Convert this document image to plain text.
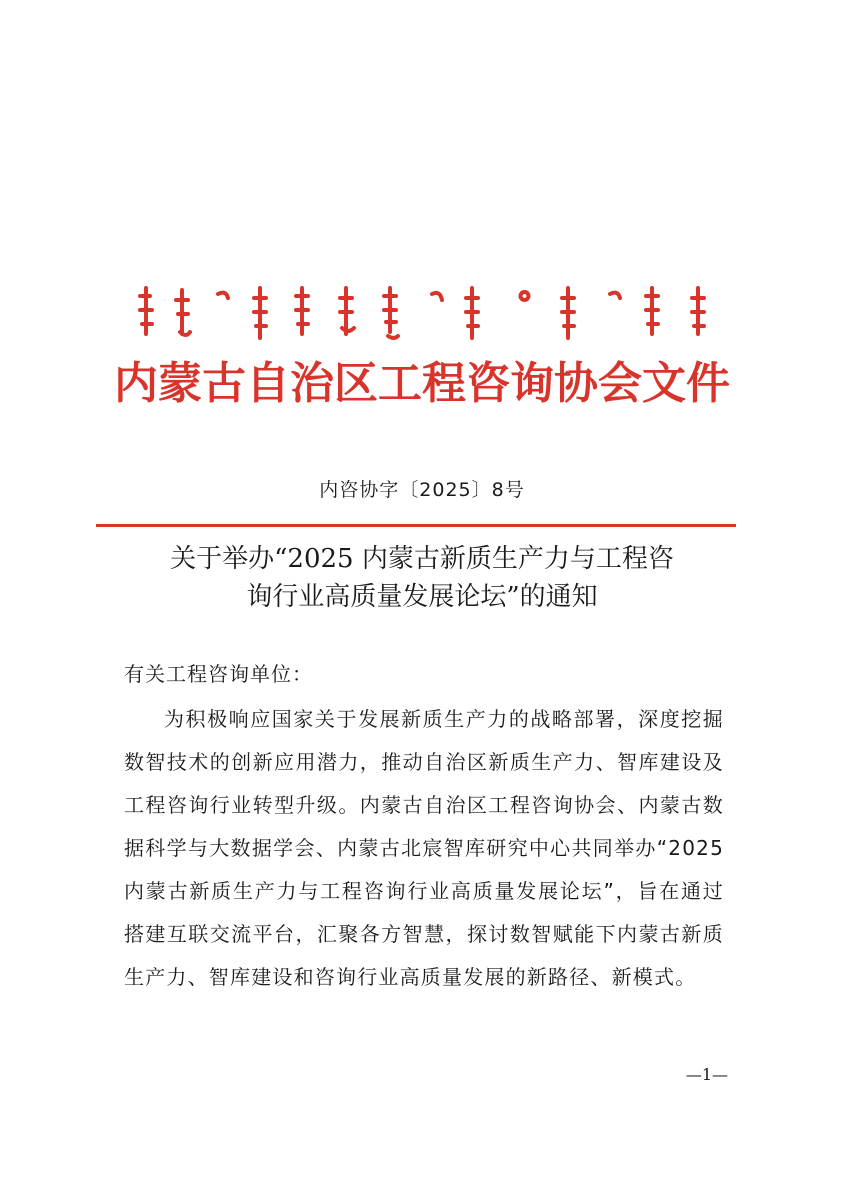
内蒙古自治区工程咨询协会文件
内咨协字〔2025〕8号
关于举办“2025 内蒙古新质生产力与工程咨
询行业高质量发展论坛”的通知
有关工程咨询单位：

为积极响应国家关于发展新质生产力的战略部署，深度挖掘数智技术的创新应用潜力，推动自治区新质生产力、智库建设及工程咨询行业转型升级。内蒙古自治区工程咨询协会、内蒙古数据科学与大数据学会、内蒙古北宸智库研究中心共同举办“2025 内蒙古新质生产力与工程咨询行业高质量发展论坛”，旨在通过搭建互联交流平台，汇聚各方智慧，探讨数智赋能下内蒙古新质生产力、智库建设和咨询行业高质量发展的新路径、新模式。

—1—
